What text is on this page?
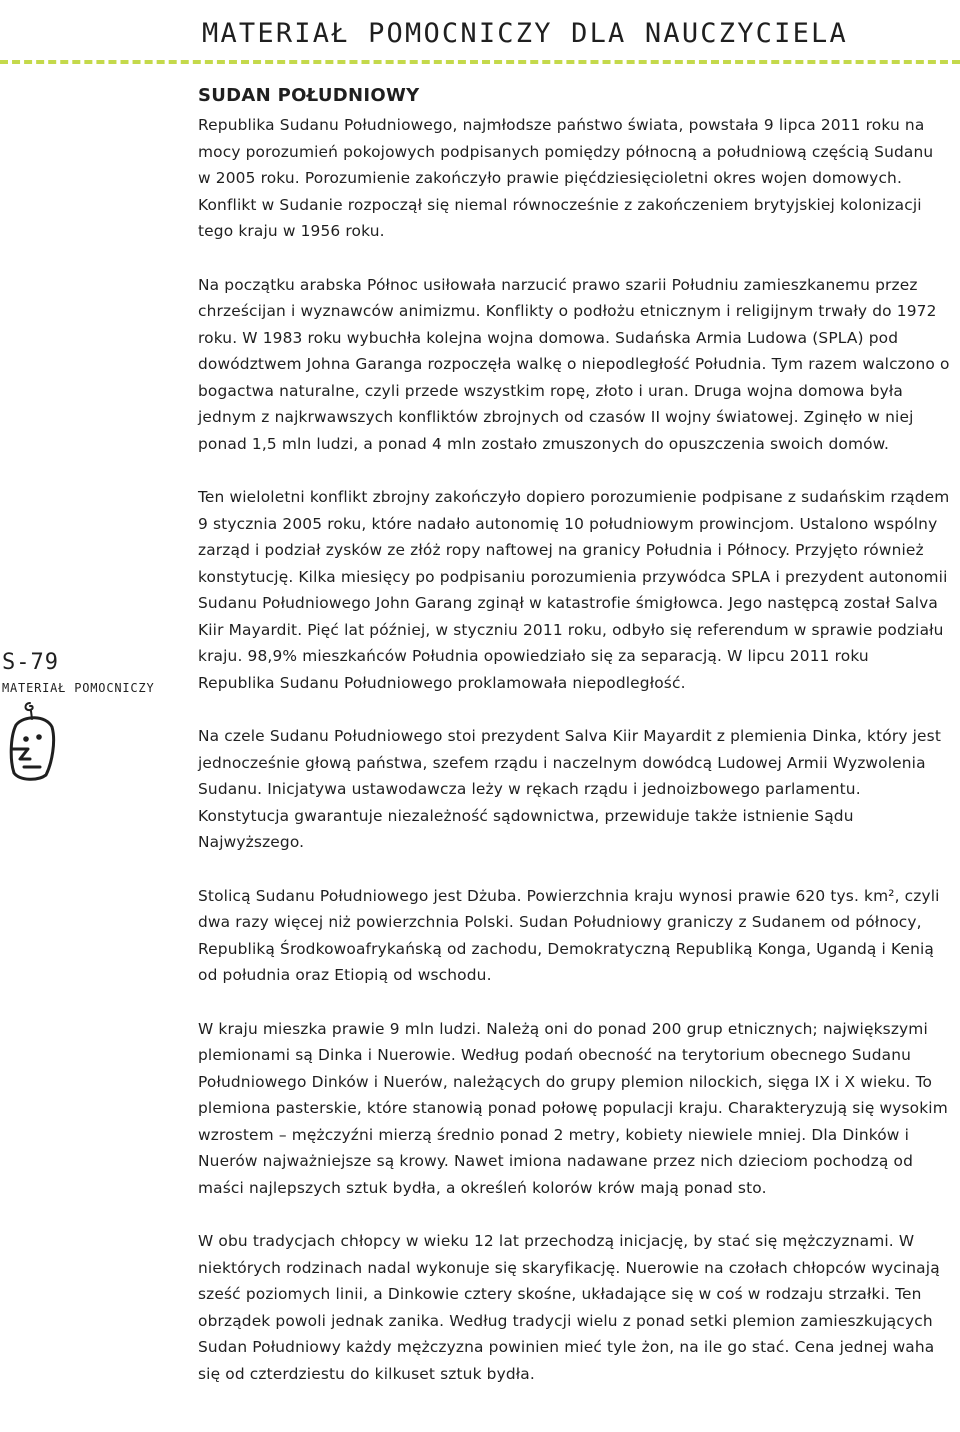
MATERIAŁ POMOCNICZY DLA NAUCZYCIELA
S-79
MATERIAŁ POMOCNICZY
SUDAN POŁUDNIOWY

Republika Sudanu Południowego, najmłodsze państwo świata, powstała 9 lipca 2011 roku na mocy porozumień pokojowych podpisanych pomiędzy północną a południową częścią Sudanu w 2005 roku. Porozumienie zakończyło prawie pięćdziesięcioletni okres wojen domowych. Konflikt w Sudanie rozpoczął się niemal równocześnie z zakończeniem brytyjskiej kolonizacji tego kraju w 1956 roku.

Na początku arabska Północ usiłowała narzucić prawo szarii Południu zamieszkanemu przez chrześcijan i wyznawców animizmu. Konflikty o podłożu etnicznym i religijnym trwały do 1972 roku. W 1983 roku wybuchła kolejna wojna domowa. Sudańska Armia Ludowa (SPLA) pod dowództwem Johna Garanga rozpoczęła walkę o niepodległość Południa. Tym razem walczono o bogactwa naturalne, czyli przede wszystkim ropę, złoto i uran. Druga wojna domowa była jednym z najkrwawszych konfliktów zbrojnych od czasów II wojny światowej. Zginęło w niej ponad 1,5 mln ludzi, a ponad 4 mln zostało zmuszonych do opuszczenia swoich domów.

Ten wieloletni konflikt zbrojny zakończyło dopiero porozumienie podpisane z sudańskim rządem 9 stycznia 2005 roku, które nadało autonomię 10 południowym prowincjom. Ustalono wspólny zarząd i podział zysków ze złóż ropy naftowej na granicy Południa i Północy. Przyjęto również konstytucję. Kilka miesięcy po podpisaniu porozumienia przywódca SPLA i prezydent autonomii Sudanu Południowego John Garang zginął w katastrofie śmigłowca. Jego następcą został Salva Kiir Mayardit. Pięć lat później, w styczniu 2011 roku, odbyło się referendum w sprawie podziału kraju. 98,9% mieszkańców Południa opowiedziało się za separacją. W lipcu 2011 roku Republika Sudanu Południowego proklamowała niepodległość.

Na czele Sudanu Południowego stoi prezydent Salva Kiir Mayardit z plemienia Dinka, który jest jednocześnie głową państwa, szefem rządu i naczelnym dowódcą Ludowej Armii Wyzwolenia Sudanu. Inicjatywa ustawodawcza leży w rękach rządu i jednoizbowego parlamentu. Konstytucja gwarantuje niezależność sądownictwa, przewiduje także istnienie Sądu Najwyższego.

Stolicą Sudanu Południowego jest Dżuba. Powierzchnia kraju wynosi prawie 620 tys. km², czyli dwa razy więcej niż powierzchnia Polski. Sudan Południowy graniczy z Sudanem od północy, Republiką Środkowoafrykańską od zachodu, Demokratyczną Republiką Konga, Ugandą i Kenią od południa oraz Etiopią od wschodu.

W kraju mieszka prawie 9 mln ludzi. Należą oni do ponad 200 grup etnicznych; największymi plemionami są Dinka i Nuerowie. Według podań obecność na terytorium obecnego Sudanu Południowego Dinków i Nuerów, należących do grupy plemion nilockich, sięga IX i X wieku. To plemiona pasterskie, które stanowią ponad połowę populacji kraju. Charakteryzują się wysokim wzrostem – mężczyźni mierzą średnio ponad 2 metry, kobiety niewiele mniej. Dla Dinków i Nuerów najważniejsze są krowy. Nawet imiona nadawane przez nich dzieciom pochodzą od maści najlepszych sztuk bydła, a określeń kolorów krów mają ponad sto.

W obu tradycjach chłopcy w wieku 12 lat przechodzą inicjację, by stać się mężczyznami. W niektórych rodzinach nadal wykonuje się skaryfikację. Nuerowie na czołach chłopców wycinają sześć poziomych linii, a Dinkowie cztery skośne, układające się w coś w rodzaju strzałki. Ten obrządek powoli jednak zanika. Według tradycji wielu z ponad setki plemion zamieszkujących Sudan Południowy każdy mężczyzna powinien mieć tyle żon, na ile go stać. Cena jednej waha się od czterdziestu do kilkuset sztuk bydła.
